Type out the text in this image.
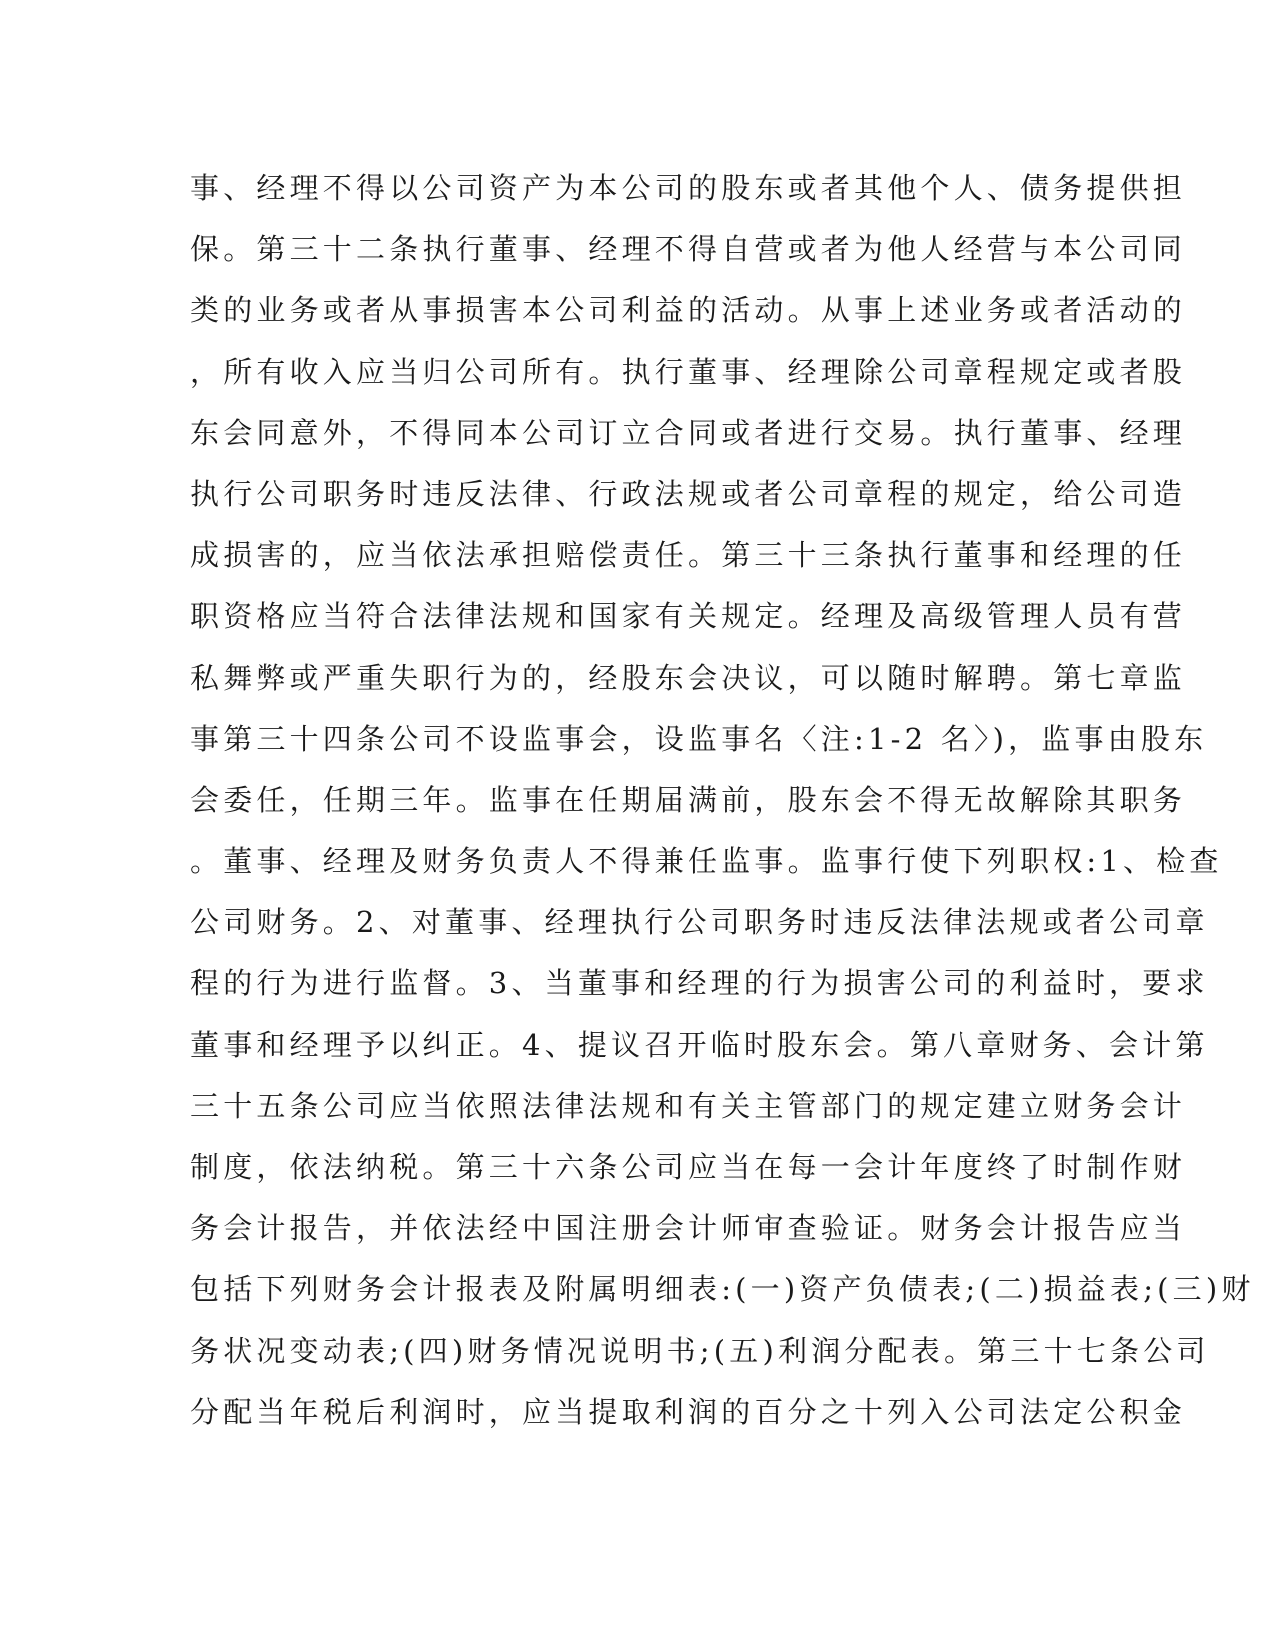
事、经理不得以公司资产为本公司的股东或者其他个人、债务提供担
保。第三十二条执行董事、经理不得自营或者为他人经营与本公司同
类的业务或者从事损害本公司利益的活动。从事上述业务或者活动的
，所有收入应当归公司所有。执行董事、经理除公司章程规定或者股
东会同意外，不得同本公司订立合同或者进行交易。执行董事、经理
执行公司职务时违反法律、行政法规或者公司章程的规定，给公司造
成损害的，应当依法承担赔偿责任。第三十三条执行董事和经理的任
职资格应当符合法律法规和国家有关规定。经理及高级管理人员有营
私舞弊或严重失职行为的，经股东会决议，可以随时解聘。第七章监
事第三十四条公司不设监事会，设监事名〈注:1-2 名〉)，监事由股东
会委任，任期三年。监事在任期届满前，股东会不得无故解除其职务
。董事、经理及财务负责人不得兼任监事。监事行使下列职权:1、检查
公司财务。2、对董事、经理执行公司职务时违反法律法规或者公司章
程的行为进行监督。3、当董事和经理的行为损害公司的利益时，要求
董事和经理予以纠正。4、提议召开临时股东会。第八章财务、会计第
三十五条公司应当依照法律法规和有关主管部门的规定建立财务会计
制度，依法纳税。第三十六条公司应当在每一会计年度终了时制作财
务会计报告，并依法经中国注册会计师审查验证。财务会计报告应当
包括下列财务会计报表及附属明细表:(一)资产负债表;(二)损益表;(三)财
务状况变动表;(四)财务情况说明书;(五)利润分配表。第三十七条公司
分配当年税后利润时，应当提取利润的百分之十列入公司法定公积金
